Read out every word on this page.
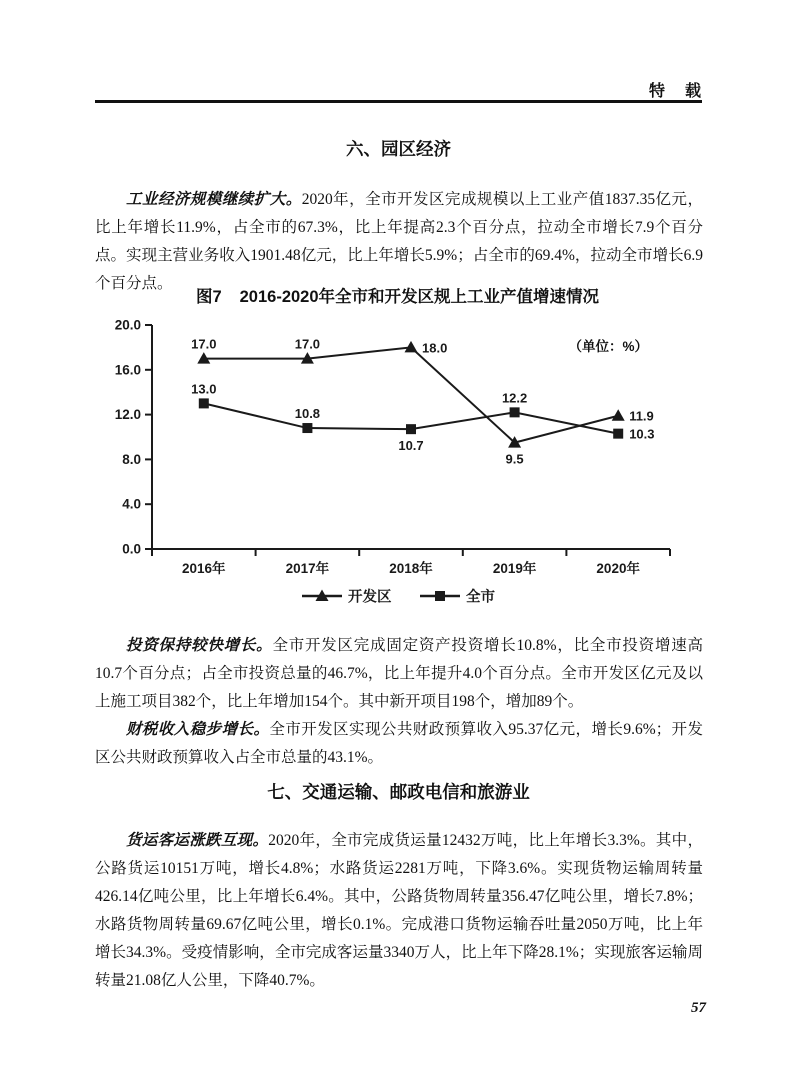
特　载
六、园区经济

工业经济规模继续扩大。2020年，全市开发区完成规模以上工业产值1837.35亿元，比上年增长11.9%，占全市的67.3%，比上年提高2.3个百分点，拉动全市增长7.9个百分点。实现主营业务收入1901.48亿元，比上年增长5.9%；占全市的69.4%，拉动全市增长6.9个百分点。

图7 2016-2020年全市和开发区规上工业产值增速情况
（单位：%）
0.0
4.0
8.0
12.0
16.0
20.0
2016年	2017年	2018年	2019年	2020年
17.0	17.0	18.0
9.5
11.9
13.0
10.8
10.7
12.2
10.3
开发区	全市

投资保持较快增长。全市开发区完成固定资产投资增长10.8%，比全市投资增速高10.7个百分点；占全市投资总量的46.7%，比上年提升4.0个百分点。全市开发区亿元及以上施工项目382个，比上年增加154个。其中新开项目198个，增加89个。

财税收入稳步增长。全市开发区实现公共财政预算收入95.37亿元，增长9.6%；开发区公共财政预算收入占全市总量的43.1%。

七、交通运输、邮政电信和旅游业

货运客运涨跌互现。2020年，全市完成货运量12432万吨，比上年增长3.3%。其中，公路货运10151万吨，增长4.8%；水路货运2281万吨，下降3.6%。实现货物运输周转量426.14亿吨公里，比上年增长6.4%。其中，公路货物周转量356.47亿吨公里，增长7.8%；水路货物周转量69.67亿吨公里，增长0.1%。完成港口货物运输吞吐量2050万吨，比上年增长34.3%。受疫情影响，全市完成客运量3340万人，比上年下降28.1%；实现旅客运输周转量21.08亿人公里，下降40.7%。

57
